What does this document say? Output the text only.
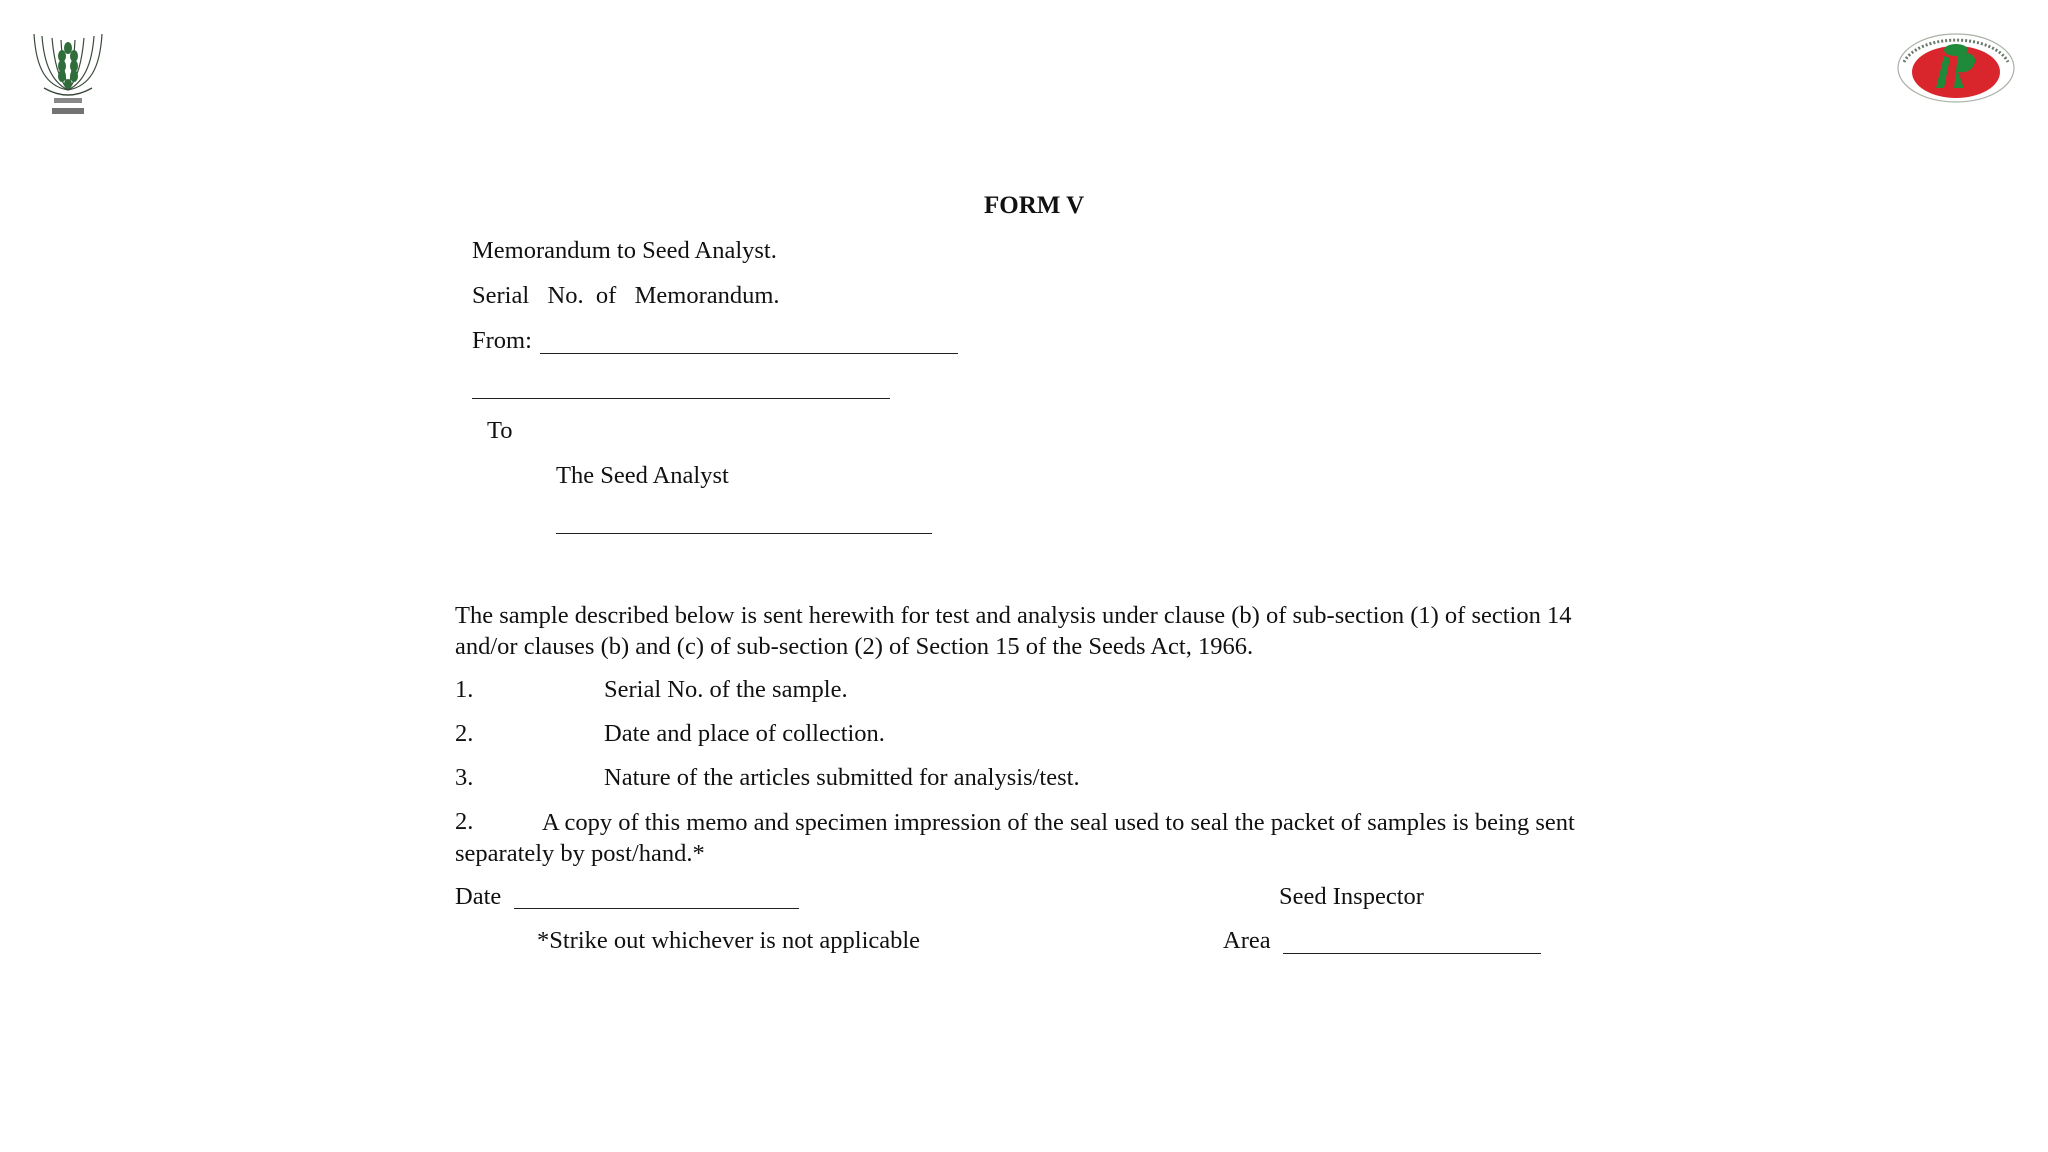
FORM V
Memorandum to Seed Analyst.
Serial   No.  of   Memorandum.
From:
To
The Seed Analyst
The sample described below is sent herewith for test and analysis under clause (b) of sub-section (1) of section 14 and/or clauses (b) and (c) of sub-section (2) of Section 15 of the Seeds Act, 1966.
1.	Serial No. of the sample.
2.	Date and place of collection.
3.	Nature of the articles submitted for analysis/test.
2.	A copy of this memo and specimen impression of the seal used to seal the packet of samples is being sent separately by post/hand.*
Date	Seed Inspector
*Strike out whichever is not applicable	Area
